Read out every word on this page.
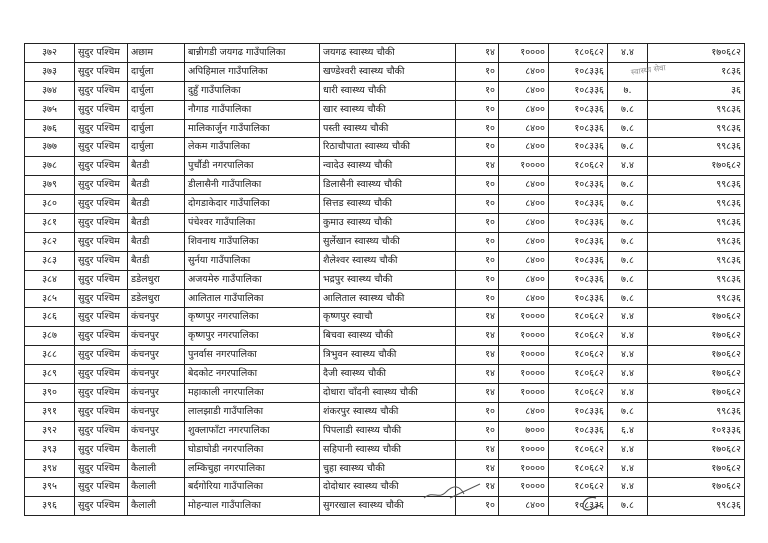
३७२	सुदुर पश्चिम	अछाम	बान्नीगडी जयगढ गाउँपालिका	जयगढ स्वास्थ्य चौकी	१४	१००००	१८०६८२	४.४	१७०६८२
३७३	सुदुर पश्चिम	दार्चुला	अपिहिमाल गाउँपालिका	खण्डेश्वरी स्वास्थ्य चौकी	१०	८४००	१०८३३६		१८३६
३७४	सुदुर पश्चिम	दार्चुला	दुहुँ गाउँपालिका	धारी स्वास्थ्य चौकी	१०	८४००	१०८३३६	७.	३६
३७५	सुदुर पश्चिम	दार्चुला	नौगाड गाउँपालिका	खार स्वास्थ्य चौकी	१०	८४००	१०८३३६	७.८	९९८३६
३७६	सुदुर पश्चिम	दार्चुला	मालिकार्जुन गाउँपालिका	पस्ती स्वास्थ्य चौकी	१०	८४००	१०८३३६	७.८	९९८३६
३७७	सुदुर पश्चिम	दार्चुला	लेकम गाउँपालिका	रिठाचौपाता स्वास्थ्य चौकी	१०	८४००	१०८३३६	७.८	९९८३६
३७८	सुदुर पश्चिम	बैतडी	पुर्चौडी नगरपालिका	न्वादेउ स्वास्थ्य चौकी	१४	१००००	१८०६८२	४.४	१७०६८२
३७९	सुदुर पश्चिम	बैतडी	डीलासैनी गाउँपालिका	डिलासैनी स्वास्थ्य चौकी	१०	८४००	१०८३३६	७.८	९९८३६
३८०	सुदुर पश्चिम	बैतडी	दोगडाकेदार गाउँपालिका	सित्तड स्वास्थ्य चौकी	१०	८४००	१०८३३६	७.८	९९८३६
३८१	सुदुर पश्चिम	बैतडी	पंचेश्वर गाउँपालिका	कुमाउ स्वास्थ्य चौकी	१०	८४००	१०८३३६	७.८	९९८३६
३८२	सुदुर पश्चिम	बैतडी	शिवनाथ गाउँपालिका	सुर्लेखान स्वास्थ्य चौकी	१०	८४००	१०८३३६	७.८	९९८३६
३८३	सुदुर पश्चिम	बैतडी	सुर्नया गाउँपालिका	शैलेश्वर स्वास्थ्य चौकी	१०	८४००	१०८३३६	७.८	९९८३६
३८४	सुदुर पश्चिम	डडेलधुरा	अजयमेरु गाउँपालिका	भद्रपुर स्वास्थ्य चौकी	१०	८४००	१०८३३६	७.८	९९८३६
३८५	सुदुर पश्चिम	डडेलधुरा	आलिताल गाउँपालिका	आलिताल स्वास्थ्य चौकी	१०	८४००	१०८३३६	७.८	९९८३६
३८६	सुदुर पश्चिम	कंचनपुर	कृष्णपुर नगरपालिका	कृष्णपुर स्वाचौ	१४	१००००	१८०६८२	४.४	१७०६८२
३८७	सुदुर पश्चिम	कंचनपुर	कृष्णपुर नगरपालिका	बिचवा स्वास्थ्य चौकी	१४	१००००	१८०६८२	४.४	१७०६८२
३८८	सुदुर पश्चिम	कंचनपुर	पुनर्वास नगरपालिका	त्रिभुवन स्वास्थ्य चौकी	१४	१००००	१८०६८२	४.४	१७०६८२
३८९	सुदुर पश्चिम	कंचनपुर	बेदकोट नगरपालिका	दैजी स्वास्थ्य चौकी	१४	१००००	१८०६८२	४.४	१७०६८२
३९०	सुदुर पश्चिम	कंचनपुर	महाकाली नगरपालिका	दोधारा चाँदनी स्वास्थ्य चौकी	१४	१००००	१८०६८२	४.४	१७०६८२
३९१	सुदुर पश्चिम	कंचनपुर	लालझाडी गाउँपालिका	शंकरपुर स्वास्थ्य चौकी	१०	८४००	१०८३३६	७.८	९९८३६
३९२	सुदुर पश्चिम	कंचनपुर	शुक्लाफाँटा नगरपालिका	पिपलाडी स्वास्थ्य चौकी	१०	७०००	१०८३३६	६.४	१०१३३६
३९३	सुदुर पश्चिम	कैलाली	घोडाघोडी नगरपालिका	सहिपानी स्वास्थ्य चौकी	१४	१००००	१८०६८२	४.४	१७०६८२
३९४	सुदुर पश्चिम	कैलाली	लम्किचुहा नगरपालिका	चुहा स्वास्थ्य चौकी	१४	१००००	१८०६८२	४.४	१७०६८२
३९५	सुदुर पश्चिम	कैलाली	बर्दगोरिया गाउँपालिका	दोदोधार स्वास्थ्य चौकी	१४	१००००	१८०६८२	४.४	१७०६८२
३९६	सुदुर पश्चिम	कैलाली	मोहन्याल गाउँपालिका	सुगरखाल स्वास्थ्य चौकी	१०	८४००	१०८३३६	७.८	९९८३६
स्वास्थ्य सेवा
